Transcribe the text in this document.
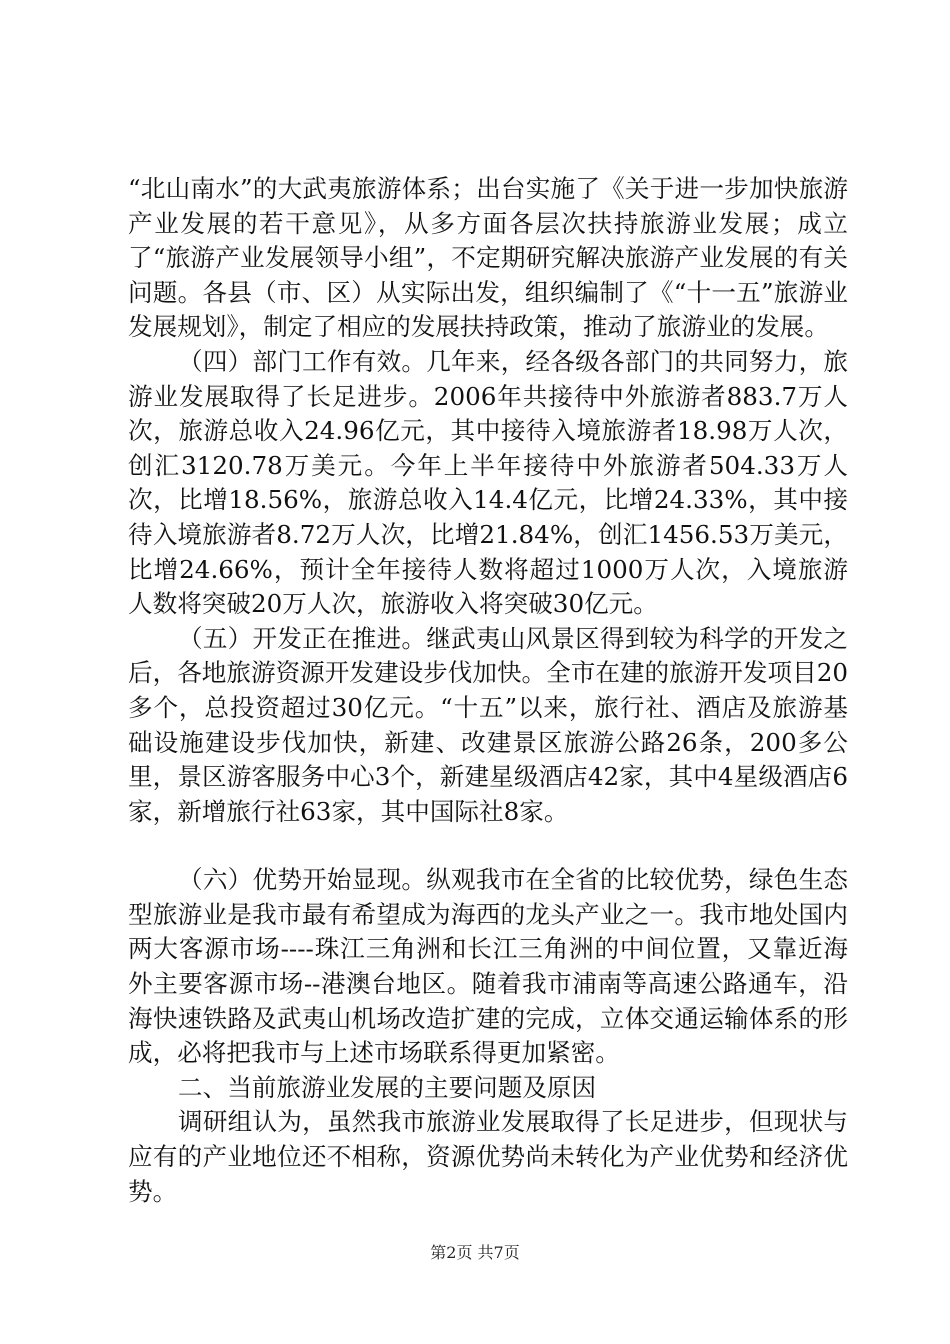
“北山南水”的大武夷旅游体系；出台实施了《关于进一步加快旅游产业发展的若干意见》，从多方面各层次扶持旅游业发展；成立了“旅游产业发展领导小组”，不定期研究解决旅游产业发展的有关问题。各县（市、区）从实际出发，组织编制了《“十一五”旅游业发展规划》，制定了相应的发展扶持政策，推动了旅游业的发展。

（四）部门工作有效。几年来，经各级各部门的共同努力，旅游业发展取得了长足进步。2006年共接待中外旅游者883.7万人次，旅游总收入24.96亿元，其中接待入境旅游者18.98万人次，创汇3120.78万美元。今年上半年接待中外旅游者504.33万人次，比增18.56%，旅游总收入14.4亿元，比增24.33%，其中接待入境旅游者8.72万人次，比增21.84%，创汇1456.53万美元，比增24.66%，预计全年接待人数将超过1000万人次，入境旅游人数将突破20万人次，旅游收入将突破30亿元。

（五）开发正在推进。继武夷山风景区得到较为科学的开发之后，各地旅游资源开发建设步伐加快。全市在建的旅游开发项目20多个，总投资超过30亿元。“十五”以来，旅行社、酒店及旅游基础设施建设步伐加快，新建、改建景区旅游公路26条，200多公里，景区游客服务中心3个，新建星级酒店42家，其中4星级酒店6家，新增旅行社63家，其中国际社8家。

（六）优势开始显现。纵观我市在全省的比较优势，绿色生态型旅游业是我市最有希望成为海西的龙头产业之一。我市地处国内两大客源市场----珠江三角洲和长江三角洲的中间位置，又靠近海外主要客源市场--港澳台地区。随着我市浦南等高速公路通车，沿海快速铁路及武夷山机场改造扩建的完成，立体交通运输体系的形成，必将把我市与上述市场联系得更加紧密。

二、当前旅游业发展的主要问题及原因

调研组认为，虽然我市旅游业发展取得了长足进步，但现状与应有的产业地位还不相称，资源优势尚未转化为产业优势和经济优势。

第2页 共7页
